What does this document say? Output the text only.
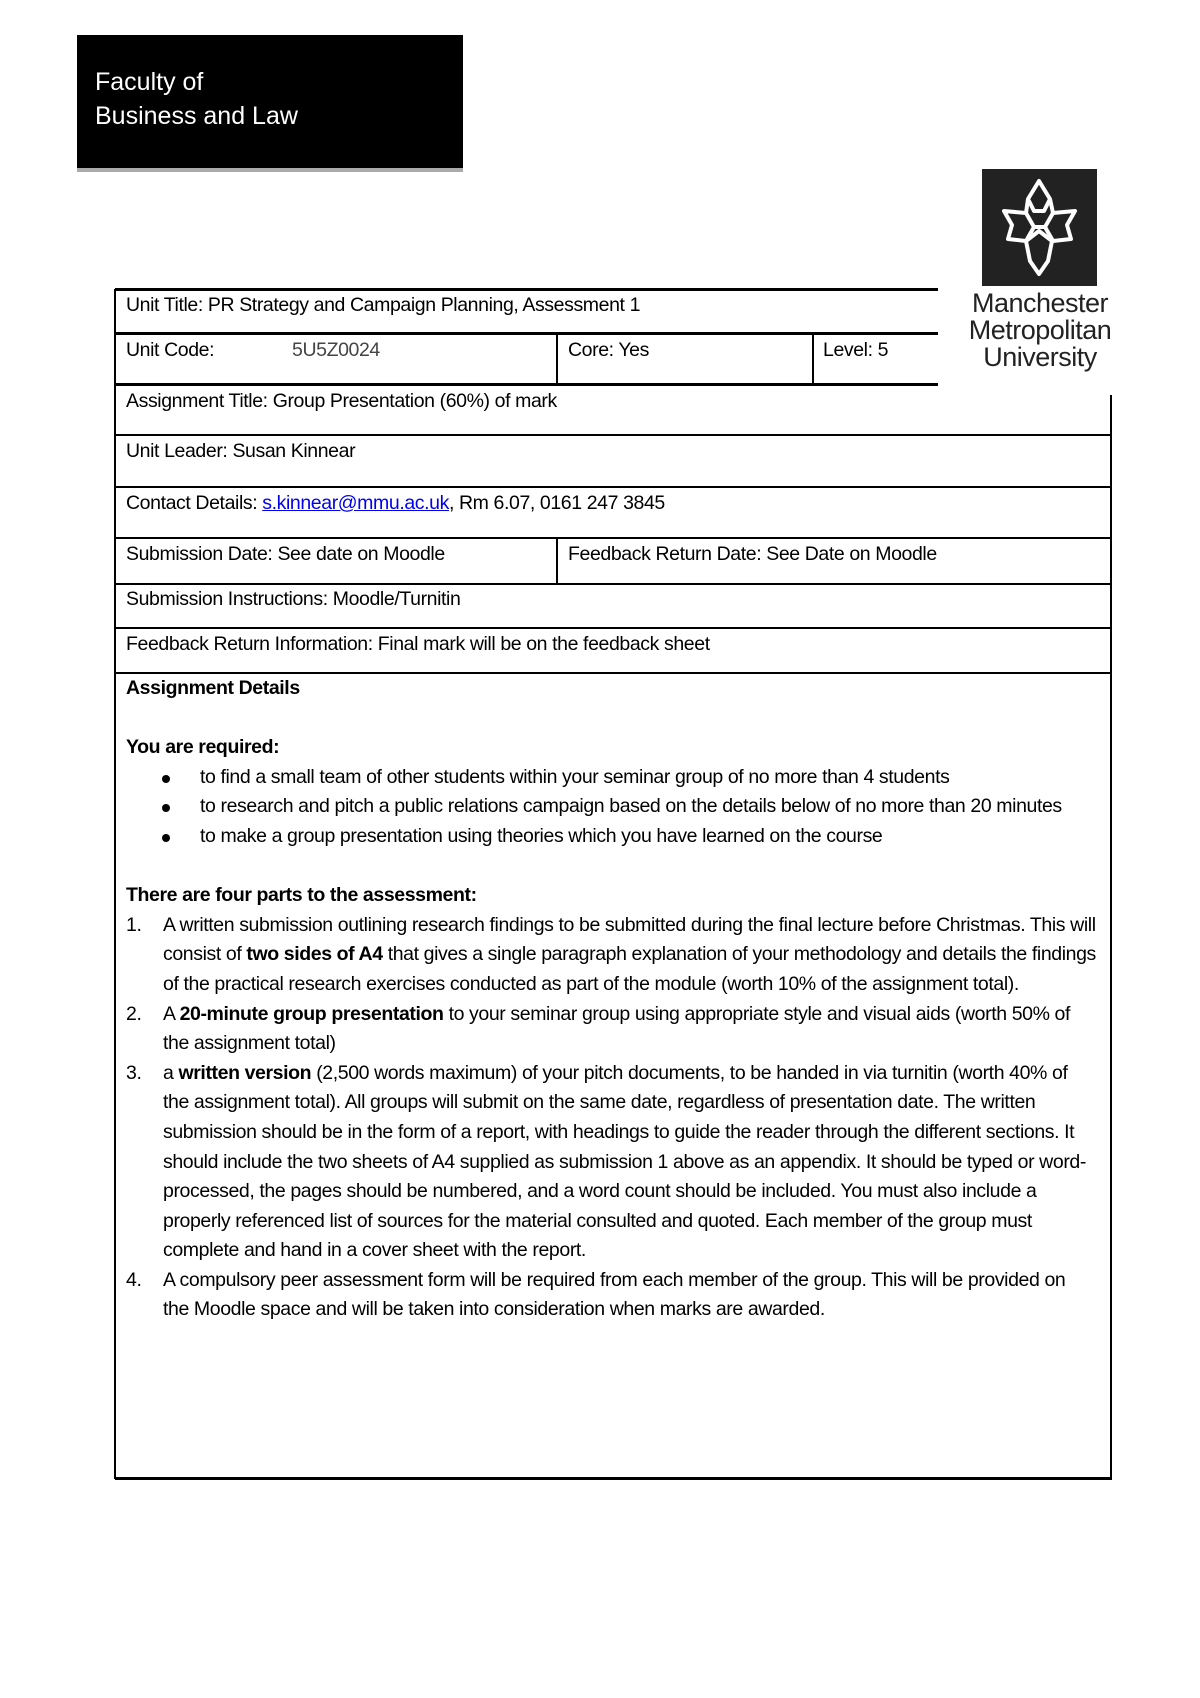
Faculty of
Business and Law
Manchester
Metropolitan
University
Unit Title: PR Strategy and Campaign Planning, Assessment 1
Unit Code:	5U5Z0024	Core: Yes	Level: 5
Assignment Title: Group Presentation (60%) of mark
Unit Leader: Susan Kinnear
Contact Details: s.kinnear@mmu.ac.uk, Rm 6.07, 0161 247 3845
Submission Date: See date on Moodle	Feedback Return Date: See Date on Moodle
Submission Instructions: Moodle/Turnitin
Feedback Return Information: Final mark will be on the feedback sheet
Assignment Details
You are required:
to find a small team of other students within your seminar group of no more than 4 students
to research and pitch a public relations campaign based on the details below of no more than 20 minutes
to make a group presentation using theories which you have learned on the course
There are four parts to the assessment:
1. A written submission outlining research findings to be submitted during the final lecture before Christmas. This will consist of two sides of A4 that gives a single paragraph explanation of your methodology and details the findings of the practical research exercises conducted as part of the module (worth 10% of the assignment total).
2. A 20-minute group presentation to your seminar group using appropriate style and visual aids (worth 50% of the assignment total)
3. a written version (2,500 words maximum) of your pitch documents, to be handed in via turnitin (worth 40% of the assignment total). All groups will submit on the same date, regardless of presentation date. The written submission should be in the form of a report, with headings to guide the reader through the different sections. It should include the two sheets of A4 supplied as submission 1 above as an appendix. It should be typed or word-processed, the pages should be numbered, and a word count should be included. You must also include a properly referenced list of sources for the material consulted and quoted. Each member of the group must complete and hand in a cover sheet with the report.
4. A compulsory peer assessment form will be required from each member of the group. This will be provided on the Moodle space and will be taken into consideration when marks are awarded.
